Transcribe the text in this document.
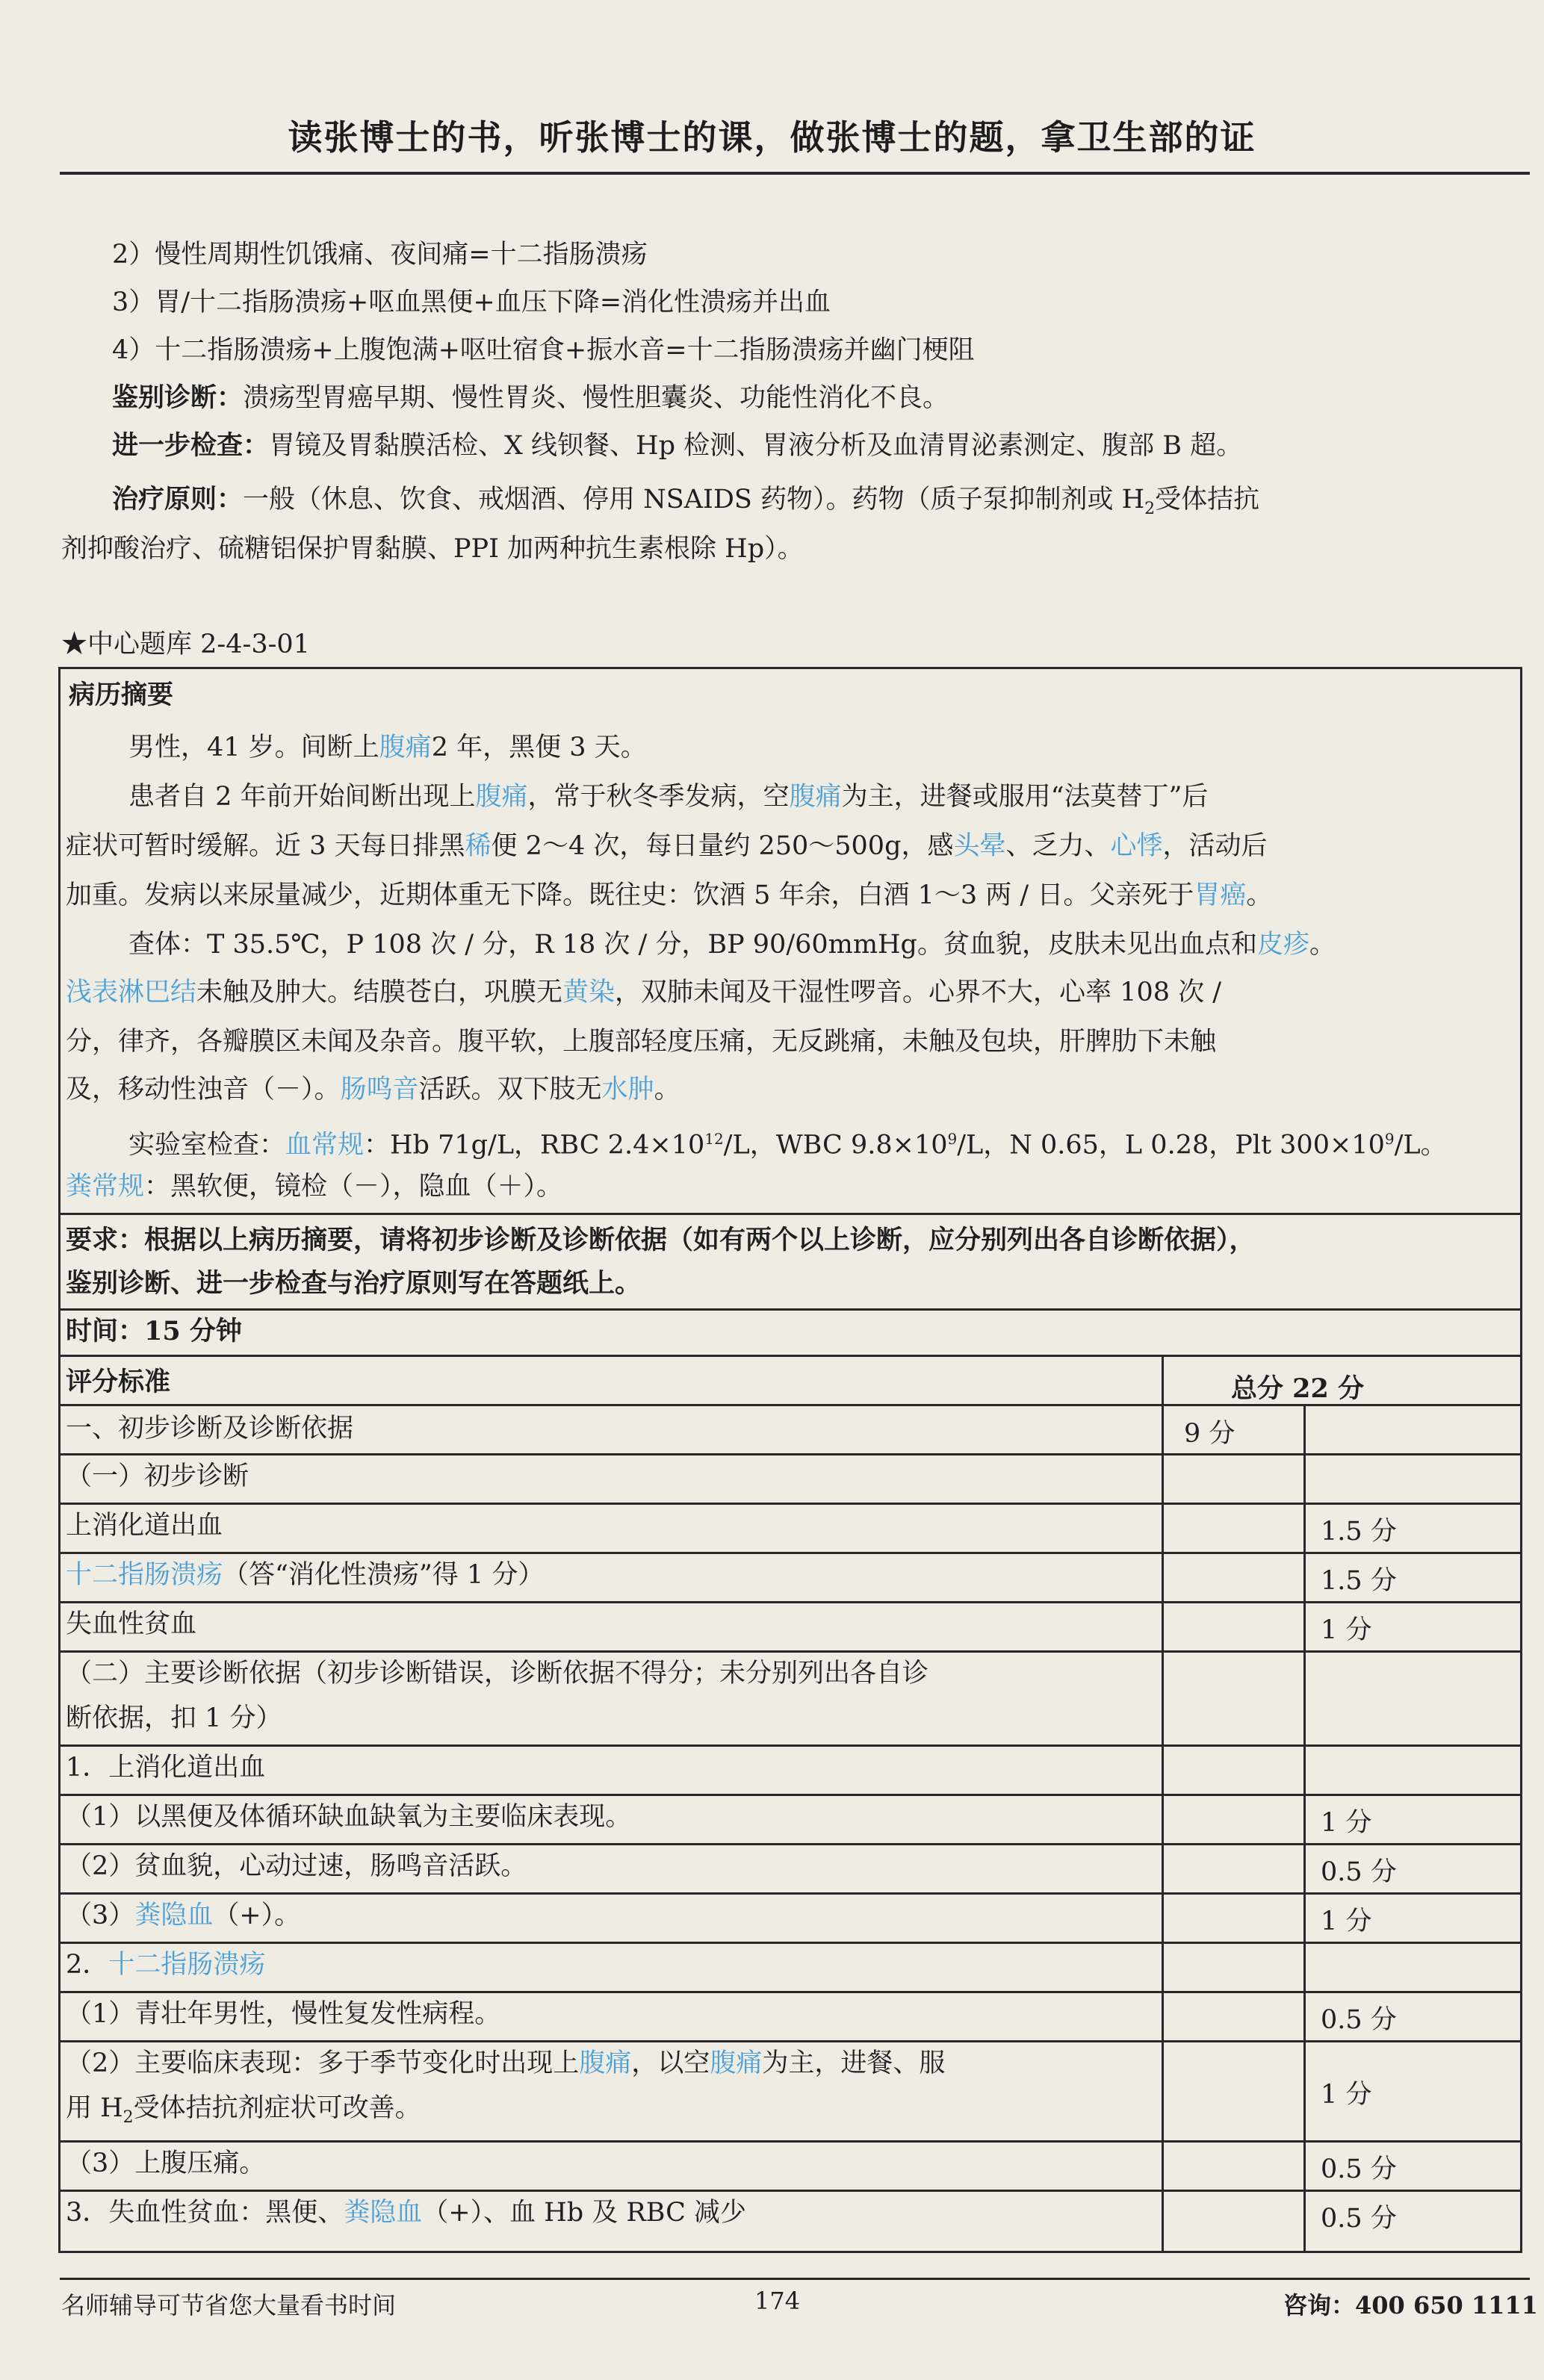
读张博士的书，听张博士的课，做张博士的题，拿卫生部的证
2）慢性周期性饥饿痛、夜间痛=十二指肠溃疡
3）胃/十二指肠溃疡+呕血黑便+血压下降=消化性溃疡并出血
4）十二指肠溃疡+上腹饱满+呕吐宿食+振水音=十二指肠溃疡并幽门梗阻
鉴别诊断：溃疡型胃癌早期、慢性胃炎、慢性胆囊炎、功能性消化不良。
进一步检查：胃镜及胃黏膜活检、X 线钡餐、Hp 检测、胃液分析及血清胃泌素测定、腹部 B 超。
治疗原则：一般（休息、饮食、戒烟酒、停用 NSAIDS 药物）。药物（质子泵抑制剂或 $H_2$受体拮抗
剂抑酸治疗、硫糖铝保护胃黏膜、PPI 加两种抗生素根除 Hp）。
★中心题库 2-4-3-01
病历摘要
男性，41 岁。间断上腹痛2 年，黑便 3 天。
患者自 2 年前开始间断出现上腹痛，常于秋冬季发病，空腹痛为主，进餐或服用“法莫替丁”后
症状可暂时缓解。近 3 天每日排黑稀便 2～4 次，每日量约 250～500g，感头晕、乏力、心悸，活动后
加重。发病以来尿量减少，近期体重无下降。既往史：饮酒 5 年余，白酒 1～3 两 / 日。父亲死于胃癌。
查体：T 35.5℃，P 108 次 / 分，R 18 次 / 分，BP 90/60mmHg。贫血貌，皮肤未见出血点和皮疹。
浅表淋巴结未触及肿大。结膜苍白，巩膜无黄染，双肺未闻及干湿性啰音。心界不大，心率 108 次 /
分，律齐，各瓣膜区未闻及杂音。腹平软，上腹部轻度压痛，无反跳痛，未触及包块，肝脾肋下未触
及，移动性浊音（－）。肠鸣音活跃。双下肢无水肿。
实验室检查：血常规：Hb 71g/L，RBC $2.4\times 10^{12}/L$，WBC $9.8\times 10^9/L$，N 0.65，L 0.28，Plt $300\times 10^9/L$。
粪常规：黑软便，镜检（－），隐血（＋）。
要求：根据以上病历摘要，请将初步诊断及诊断依据（如有两个以上诊断，应分别列出各自诊断依据），
鉴别诊断、进一步检查与治疗原则写在答题纸上。
时间：15 分钟
评分标准	总分 22 分
一、初步诊断及诊断依据	9 分
（一）初步诊断
上消化道出血	1.5 分
十二指肠溃疡（答“消化性溃疡”得 1 分）	1.5 分
失血性贫血	1 分
（二）主要诊断依据（初步诊断错误，诊断依据不得分；未分别列出各自诊
断依据，扣 1 分）
1．上消化道出血
（1）以黑便及体循环缺血缺氧为主要临床表现。	1 分
（2）贫血貌，心动过速，肠鸣音活跃。	0.5 分
（3）粪隐血（+）。	1 分
2．十二指肠溃疡
（1）青壮年男性，慢性复发性病程。	0.5 分
（2）主要临床表现：多于季节变化时出现上腹痛，以空腹痛为主，进餐、服
用 $H_2$受体拮抗剂症状可改善。	1 分
（3）上腹压痛。	0.5 分
3．失血性贫血：黑便、粪隐血（+）、血 Hb 及 RBC 减少	0.5 分
名师辅导可节省您大量看书时间	174	咨询：400 650 1111
